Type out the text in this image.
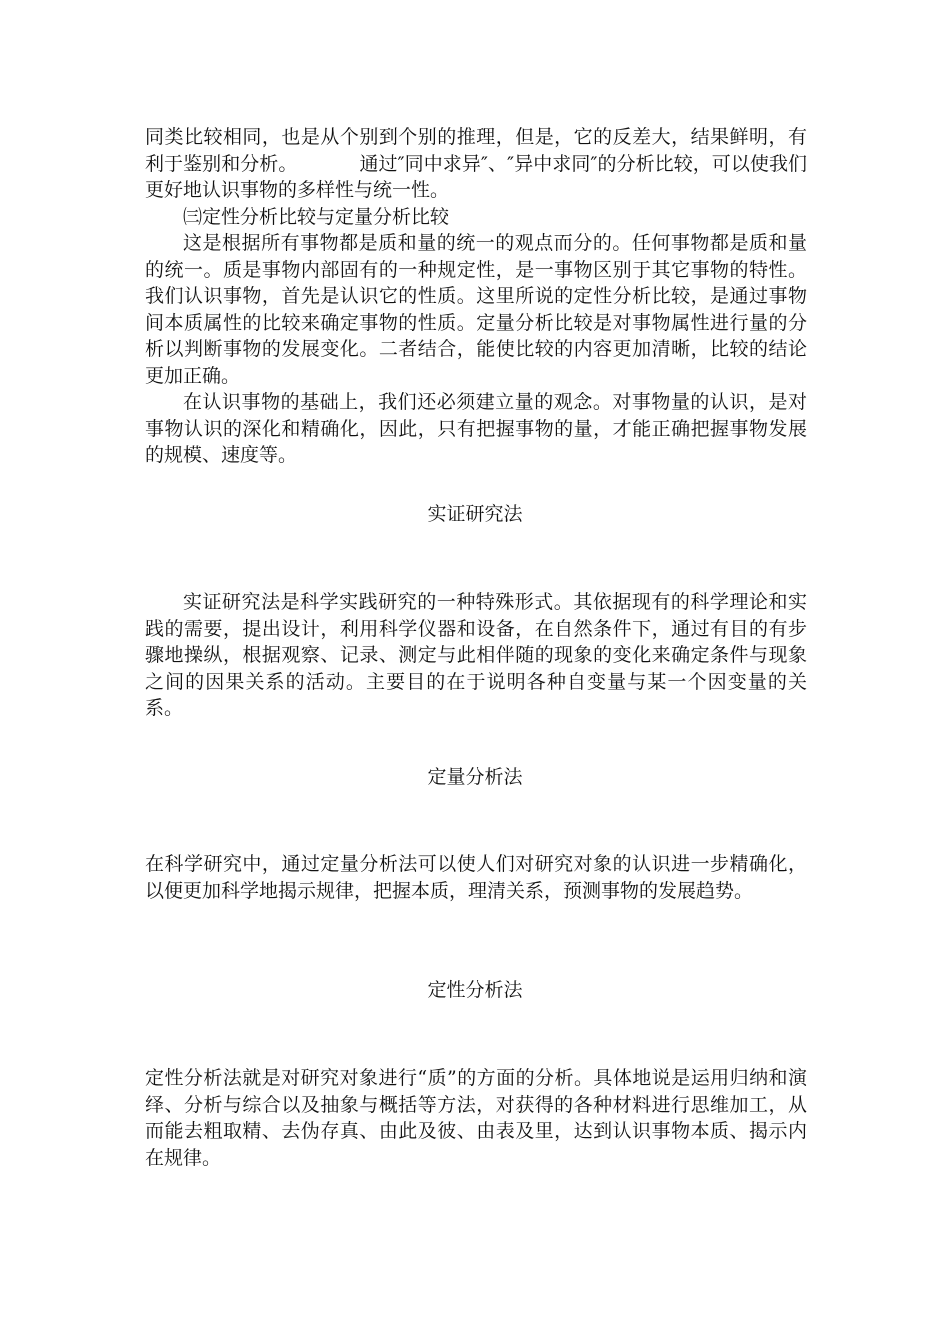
同类比较相同，也是从个别到个别的推理，但是，它的反差大，结果鲜明，有利于鉴别和分析。	通过″同中求异″、″异中求同″的分析比较，可以使我们更好地认识事物的多样性与统一性。

㈢定性分析比较与定量分析比较

这是根据所有事物都是质和量的统一的观点而分的。任何事物都是质和量的统一。质是事物内部固有的一种规定性，是一事物区别于其它事物的特性。我们认识事物，首先是认识它的性质。这里所说的定性分析比较，是通过事物间本质属性的比较来确定事物的性质。定量分析比较是对事物属性进行量的分析以判断事物的发展变化。二者结合，能使比较的内容更加清晰，比较的结论更加正确。

在认识事物的基础上，我们还必须建立量的观念。对事物量的认识，是对事物认识的深化和精确化，因此，只有把握事物的量，才能正确把握事物发展的规模、速度等。

实证研究法

实证研究法是科学实践研究的一种特殊形式。其依据现有的科学理论和实践的需要，提出设计，利用科学仪器和设备，在自然条件下，通过有目的有步骤地操纵，根据观察、记录、测定与此相伴随的现象的变化来确定条件与现象之间的因果关系的活动。主要目的在于说明各种自变量与某一个因变量的关系。

定量分析法

在科学研究中，通过定量分析法可以使人们对研究对象的认识进一步精确化，以便更加科学地揭示规律，把握本质，理清关系，预测事物的发展趋势。

定性分析法

定性分析法就是对研究对象进行“质”的方面的分析。具体地说是运用归纳和演绎、分析与综合以及抽象与概括等方法，对获得的各种材料进行思维加工，从而能去粗取精、去伪存真、由此及彼、由表及里，达到认识事物本质、揭示内在规律。
